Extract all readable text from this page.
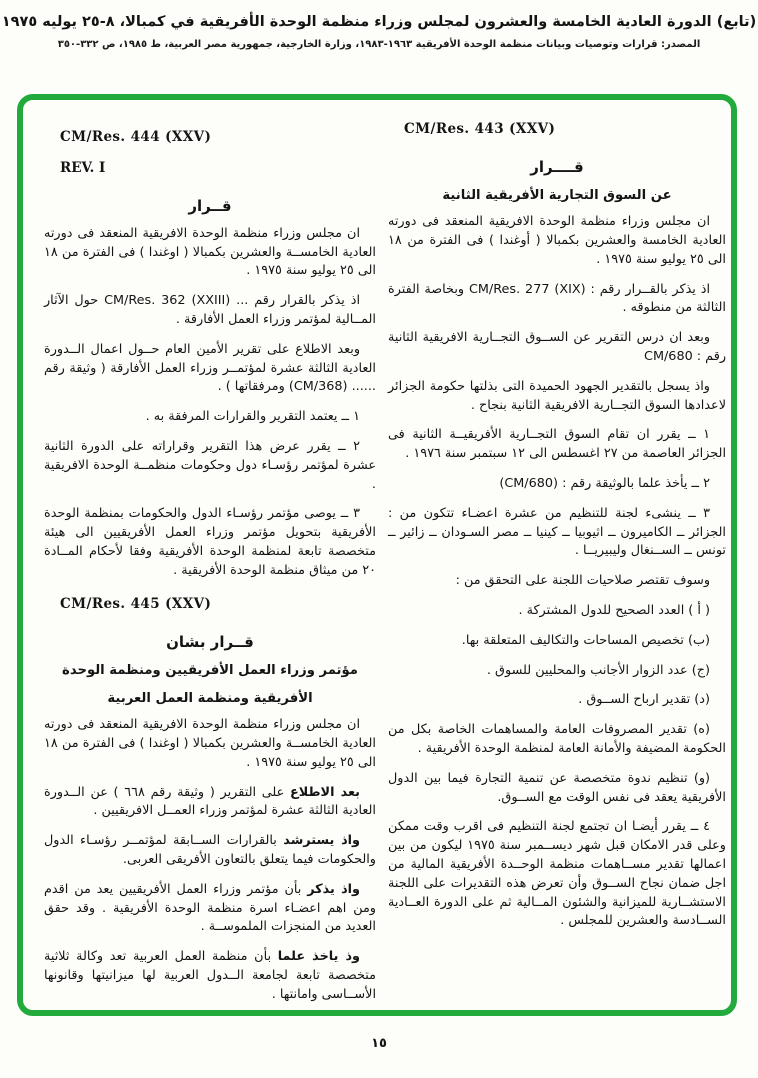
(تابع) الدورة العادية الخامسة والعشرون لمجلس وزراء منظمة الوحدة الأفريقية في كمبالا، ٨-٢٥ يوليه ١٩٧٥
المصدر: قرارات وتوصيات وبيانات منظمة الوحدة الأفريقية ١٩٦٣-١٩٨٣، وزارة الخارجية، جمهورية مصر العربية، ط ١٩٨٥، ص ٣٣٢-٣٥٠

CM/Res. 444 (XXV)

REV. I

قــرار

ان مجلس وزراء منظمة الوحدة الافريقية المنعقد فى دورته العادية الخامســة والعشرين بكمبالا ( اوغندا ) فى الفترة من ١٨ الى ٢٥ يوليو سنة ١٩٧٥ .

اذ يذكر بالقرار رقم ... CM/Res. 362 (XXIII) حول الآثار المــالية لمؤتمر وزراء العمل الأفارقة .

وبعد الاطلاع على تقرير الأمين العام حــول اعمال الــدورة العادية الثالثة عشرة لمؤتمــر وزراء العمل الأفارقة ( وثيقة رقم ...... (CM/368) ومرفقاتها ) .

١ ــ يعتمد التقرير والقرارات المرفقة به .

٢ ــ يقرر عرض هذا التقرير وقراراته على الدورة الثانية عشرة لمؤتمر رؤسـاء دول وحكومات منظمــة الوحدة الافريقية .

٣ ــ يوصى مؤتمر رؤسـاء الدول والحكومات بمنظمة الوحدة الأفريقية بتحويل مؤتمر وزراء العمل الأفريقيين الى هيئة متخصصة تابعة لمنظمة الوحدة الأفريقية وفقا لأحكام المــادة ٢٠ من ميثاق منظمة الوحدة الأفريقية .

CM/Res. 445 (XXV)

قــرار بشان
مؤتمر وزراء العمل الأفريقيين ومنظمة الوحدة
الأفريقية ومنظمة العمل العربية

ان مجلس وزراء منظمة الوحدة الافريقية المنعقد فى دورته العادية الخامســة والعشرين بكمبالا ( اوغندا ) فى الفترة من ١٨ الى ٢٥ يوليو سنة ١٩٧٥ .

بعد الاطلاع على التقرير ( وثيقة رقم ٦٦٨ ) عن الــدورة العادية الثالثة عشرة لمؤتمر وزراء العمــل الافريقيين .

واذ يسترشد بالقرارات الســابقة لمؤتمــر رؤسـاء الدول والحكومات فيما يتعلق بالتعاون الأفريقى العربى.

واذ يذكر بأن مؤتمر وزراء العمل الأفريقيين يعد من اقدم ومن اهم اعضـاء اسرة منظمة الوحدة الأفريقية . وقد حقق العديد من المنجزات الملموســة .

وذ ياخذ علما بأن منظمة العمل العربية تعد وكالة ثلاثية متخصصة تابعة لجامعة الــدول العربية لها ميزانيتها وقانونها الأســاسى وامانتها .

CM/Res. 443 (XXV)

قــــرار
عن السوق التجارية الأفريقية الثانية

ان مجلس وزراء منظمة الوحدة الافريقية المنعقد فى دورته العادية الخامسة والعشرين بكمبالا ( أوغندا ) فى الفترة من ١٨ الى ٢٥ يوليو سنة ١٩٧٥ .

اذ يذكر بالقــرار رقم : CM/Res. 277 (XIX) وبخاصة الفترة الثالثة من منطوقه .

وبعد ان درس التقرير عن الســوق التجــارية الافريقية الثانية رقم : CM/680

واذ يسجل بالتقدير الجهود الحميدة التى بذلتها حكومة الجزائر لاعدادها السوق التجــارية الافريقية الثانية بنجاح .

١ ــ يقرر ان تقام السوق التجــارية الأفريقيــة الثانية فى الجزائر العاصمة من ٢٧ اغسطس الى ١٢ سبتمبر سنة ١٩٧٦ .

٢ ــ يأخذ علما بالوثيقة رقم : (CM/680)

٣ ــ ينشىء لجنة للتنظيم من عشرة اعضـاء تتكون من : الجزائر ــ الكاميرون ــ اثيوبيا ــ كينيا ــ مصر السـودان ــ زائير ــ تونس ــ الســنغال وليبيريــا .

وسوف تقتصر صلاحيات اللجنة على التحقق من :

( أ ) العدد الصحيح للدول المشتركة .

(ب) تخصيص المساحات والتكاليف المتعلقة بها.

(ج) عدد الزوار الأجانب والمحليين للسوق .

(د) تقدير ارباح الســوق .

(ه) تقدير المصروفات العامة والمساهمات الخاصة بكل من الحكومة المضيفة والأمانة العامة لمنظمة الوحدة الأفريقية .

(و) تنظيم ندوة متخصصة عن تنمية التجارة فيما بين الدول الأفريقية يعقد فى نفس الوقت مع الســوق.

٤ ــ يقرر أيضـا ان تجتمع لجنة التنظيم فى اقرب وقت ممكن وعلى قدر الامكان قبل شهر ديســمبر سنة ١٩٧٥ ليكون من بين اعمالها تقدير مســاهمات منظمة الوحــدة الأفريقية المالية من اجل ضمان نجاح الســوق وأن تعرض هذه التقديرات على اللجنة الاستشــارية للميزانية والشئون المــالية ثم على الدورة العــادية الســادسة والعشرين للمجلس .

١٥
